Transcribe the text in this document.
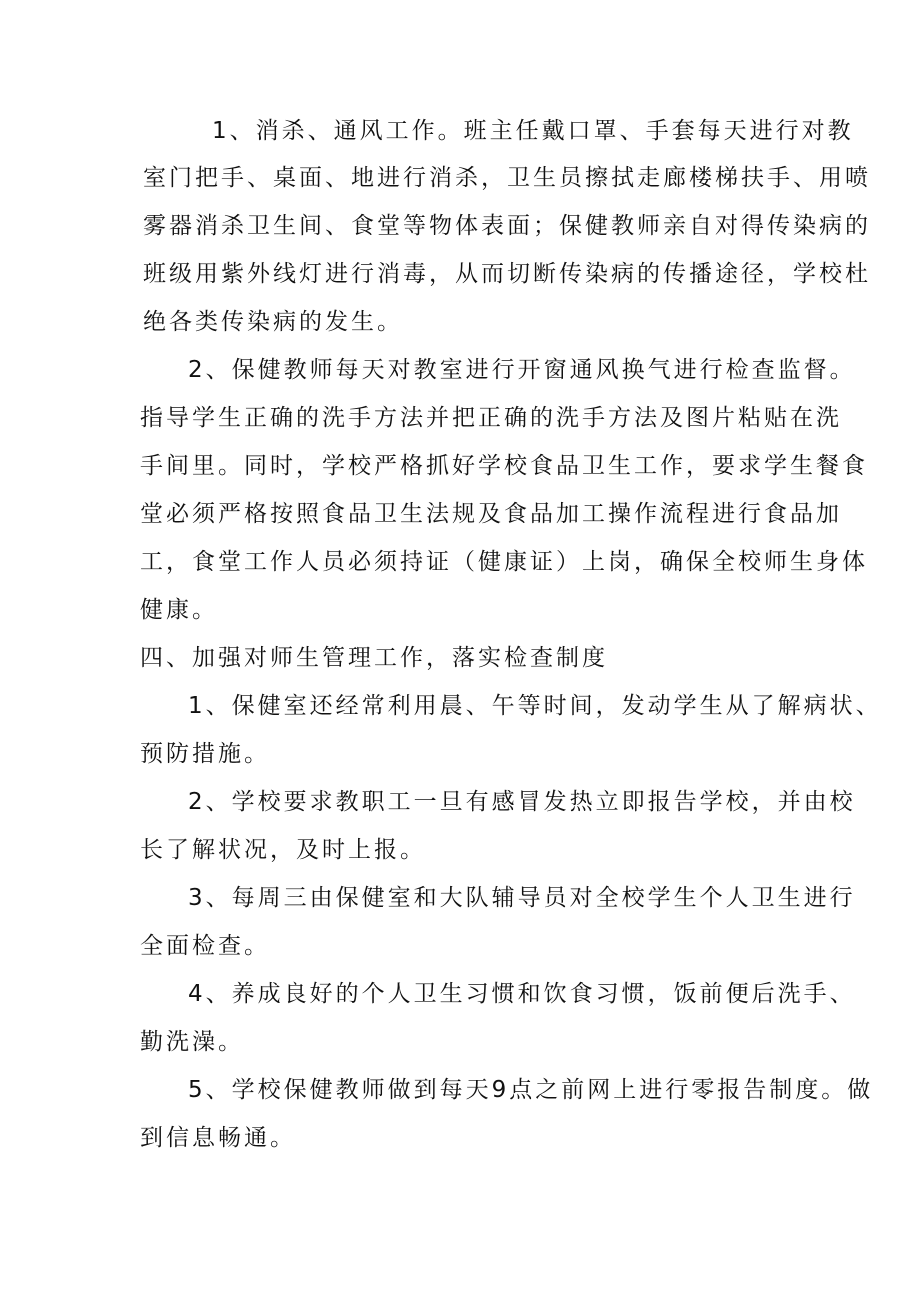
1、消杀、通风工作。班主任戴口罩、手套每天进行对教
室门把手、桌面、地进行消杀，卫生员擦拭走廊楼梯扶手、用喷
雾器消杀卫生间、食堂等物体表面；保健教师亲自对得传染病的
班级用紫外线灯进行消毒，从而切断传染病的传播途径，学校杜
绝各类传染病的发生。
2、保健教师每天对教室进行开窗通风换气进行检查监督。
指导学生正确的洗手方法并把正确的洗手方法及图片粘贴在洗
手间里。同时，学校严格抓好学校食品卫生工作，要求学生餐食
堂必须严格按照食品卫生法规及食品加工操作流程进行食品加
工，食堂工作人员必须持证（健康证）上岗，确保全校师生身体
健康。
四、加强对师生管理工作，落实检查制度
1、保健室还经常利用晨、午等时间，发动学生从了解病状、
预防措施。
2、学校要求教职工一旦有感冒发热立即报告学校，并由校
长了解状况，及时上报。
3、每周三由保健室和大队辅导员对全校学生个人卫生进行
全面检查。
4、养成良好的个人卫生习惯和饮食习惯，饭前便后洗手、
勤洗澡。
5、学校保健教师做到每天9点之前网上进行零报告制度。做
到信息畅通。
